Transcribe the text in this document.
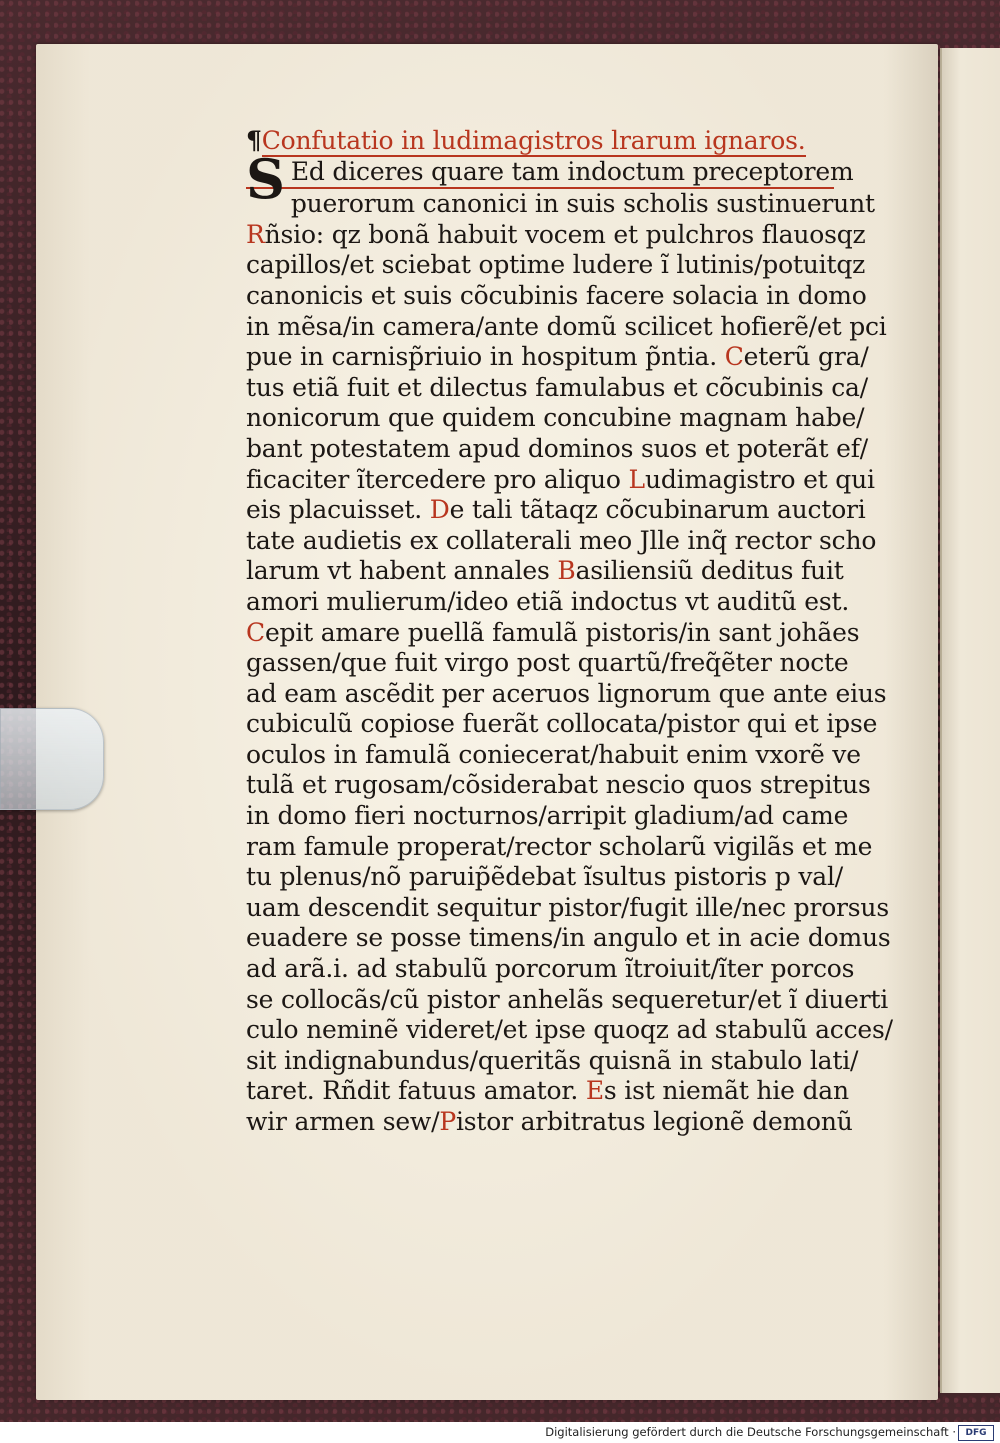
¶Confutatio in ludimagistros lrarum ignaros.
S Ed diceres quare tam indoctum preceptorem
puerorum canonici in suis scholis sustinuerunt
Rñsio: qz bonã habuit vocem et pulchros flauosqz
capillos/et sciebat optime ludere ĩ lutinis/potuitqz
canonicis et suis cõcubinis facere solacia in domo
in mẽsa/in camera/ante domũ scilicet hofierẽ/et pci
pue in carnisp̃riuio in hospitum p̃ntia. Ceterũ gra/
tus etiã fuit et dilectus famulabus et cõcubinis ca/
nonicorum que quidem concubine magnam habe/
bant potestatem apud dominos suos et poterãt ef/
ficaciter ĩtercedere pro aliquo Ludimagistro et qui
eis placuisset. De tali tãtaqz cõcubinarum auctori
tate audietis ex collaterali meo Jlle inq̃ rector scho
larum vt habent annales Basiliensiũ deditus fuit
amori mulierum/ideo etiã indoctus vt auditũ est.
Cepit amare puellã famulã pistoris/in sant johães
gassen/que fuit virgo post quartũ/freq̃ẽter nocte
ad eam ascẽdit per aceruos lignorum que ante eius
cubiculũ copiose fuerãt collocata/pistor qui et ipse
oculos in famulã coniecerat/habuit enim vxorẽ ve
tulã et rugosam/cõsiderabat nescio quos strepitus
in domo fieri nocturnos/arripit gladium/ad came
ram famule properat/rector scholarũ vigilãs et me
tu plenus/nõ paruip̃ẽdebat ĩsultus pistoris p val/
uam descendit sequitur pistor/fugit ille/nec prorsus
euadere se posse timens/in angulo et in acie domus
ad arã.i. ad stabulũ porcorum ĩtroiuit/ĩter porcos
se collocãs/cũ pistor anhelãs sequeretur/et ĩ diuerti
culo neminẽ videret/et ipse quoqz ad stabulũ acces/
sit indignabundus/queritãs quisnã in stabulo lati/
taret. Rñdit fatuus amator. Es ist niemãt hie dan
wir armen sew/Pistor arbitratus legionẽ demonũ
Digitalisierung gefördert durch die Deutsche Forschungsgemeinschaft ·	DFG
